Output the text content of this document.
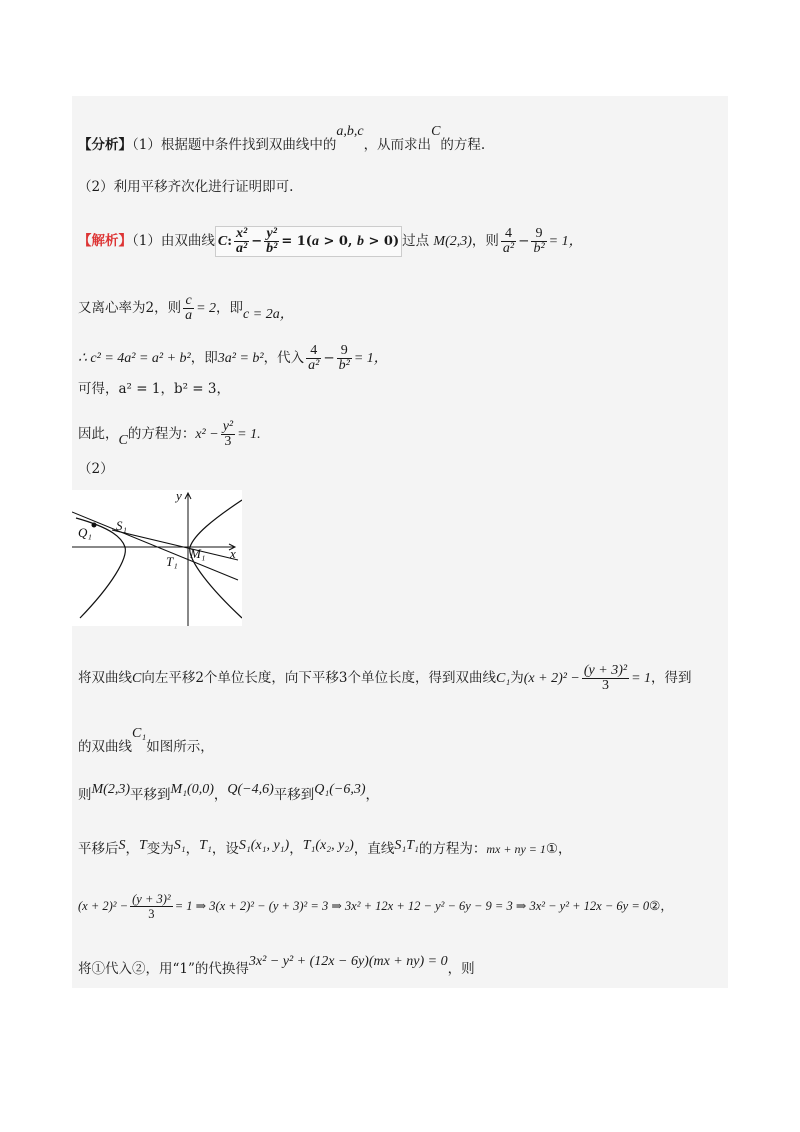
【分析】（1）根据题中条件找到双曲线中的a,b,c，从而求出C的方程.
（2）利用平移齐次化进行证明即可.
【解析】（1）由双曲线 C: $\frac{\text{x²}}{\text{a²}} - \frac{\text{y²}}{\text{b²}} = 1(a > 0$, b > 0) 过点 M(2,3)，则 $\frac{4}{\text{a²}} - \frac{9}{\text{b²}} = 1$，
又离心率为2，则 $\frac{c}{a} = 2$，即c = 2a，
∴ c² = 4a² = a² + b²，即3a² = b²，代入 $\frac{4}{\text{a²}} - \frac{9}{\text{b²}} = 1$，
可得，a² = 1，b² = 3，
因此，C的方程为：$x^2 - \frac{\text{y²}}{3} = 1$.
（2）
Q₁ S₁
M₁
T₁
x
y
将双曲线C向左平移2个单位长度，向下平移3个单位长度，得到双曲线C₁为$(x + 2)^2 - \frac{\text{(y + 3)²}}{3} = 1$，得到
的双曲线C₁如图所示，
则M(2,3)平移到M₁(0,0)，Q(−4,6)平移到Q₁(−6,3)，
平移后S，T变为S₁，T₁，设S₁(x₁, y₁)，T₁(x₂, y₂)，直线S₁T₁的方程为：mx + ny = 1①，
$(x + 2)^2 - \frac{\text{(y + 3)²}}{3} = 1$ ⇒ 3(x + 2)² − (y + 3)² = 3 ⇒ 3x² + 12x + 12 − y² − 6y − 9 = 3 ⇒ 3x² − y² + 12x − 6y = 0②，
将①代入②，用“1”的代换得3x² − y² + (12x − 6y)(mx + ny) = 0，则
